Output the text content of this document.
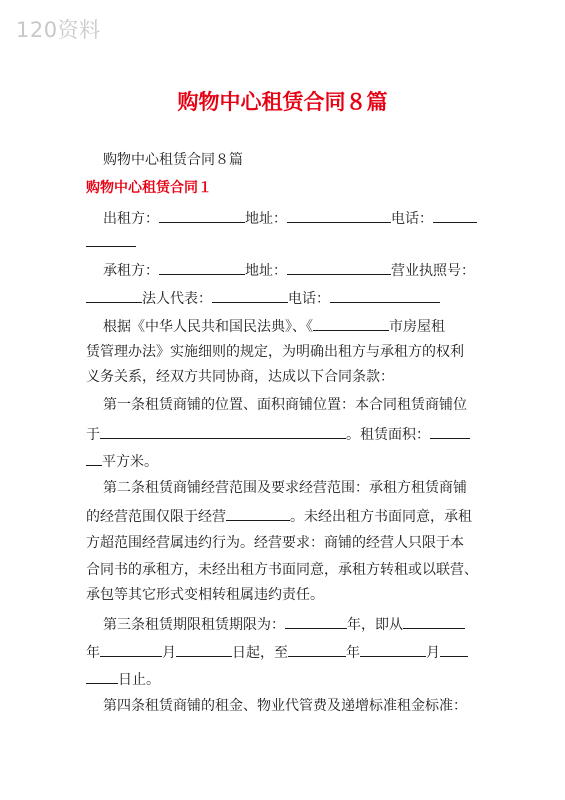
120资料
购物中心租赁合同８篇
购物中心租赁合同８篇
购物中心租赁合同１
出租方：	地址：	电话：
承租方：	地址：	营业执照号：
法人代表：	电话：
根据《中华人民共和国民法典》、《	市房屋租
赁管理办法》实施细则的规定，为明确出租方与承租方的权利
义务关系，经双方共同协商，达成以下合同条款：
第一条租赁商铺的位置、面积商铺位置：本合同租赁商铺位
于	。租赁面积：
平方米。
第二条租赁商铺经营范围及要求经营范围：承租方租赁商铺
的经营范围仅限于经营	。未经出租方书面同意，承租
方超范围经营属违约行为。经营要求：商铺的经营人只限于本
合同书的承租方，未经出租方书面同意，承租方转租或以联营、
承包等其它形式变相转租属违约责任。
第三条租赁期限租赁期限为：	年，即从
年	月	日起，至	年	月
日止。
第四条租赁商铺的租金、物业代管费及递增标准租金标准：
